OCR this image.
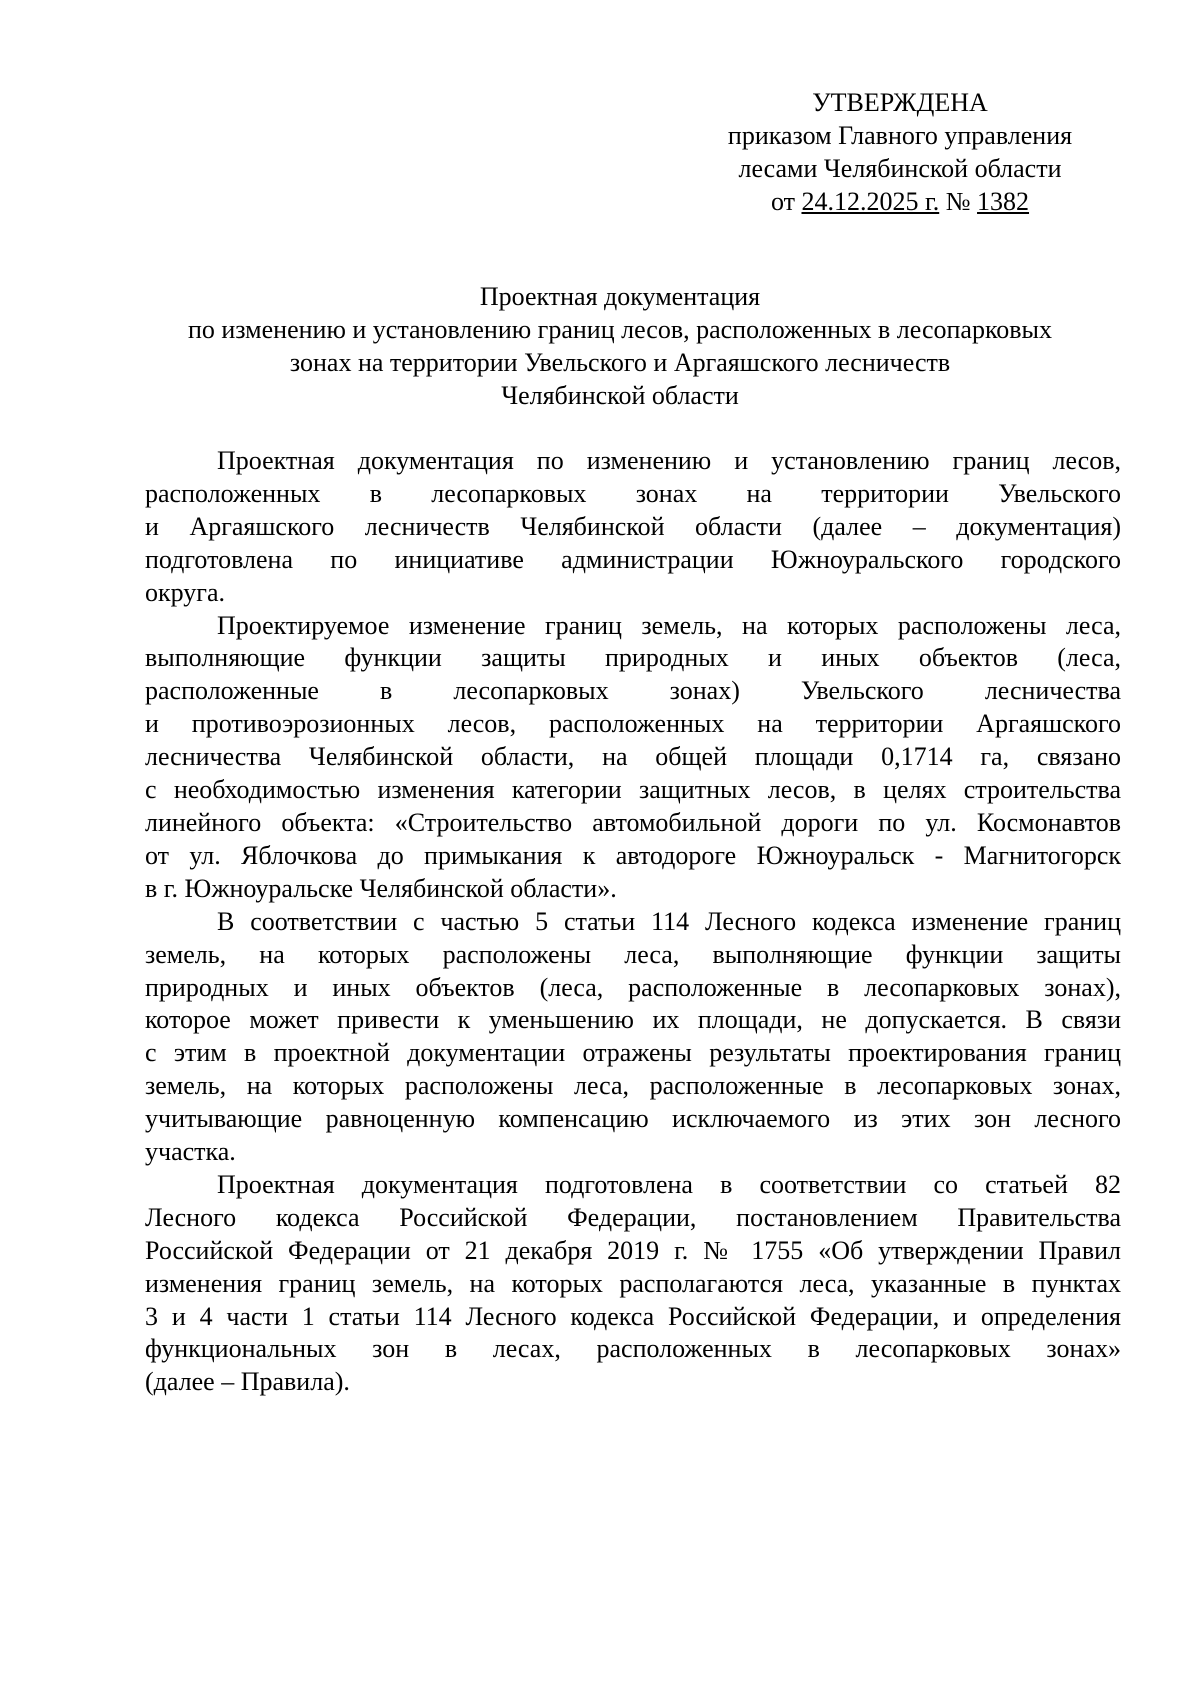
УТВЕРЖДЕНА
приказом Главного управления
лесами Челябинской области
от 24.12.2025 г. № 1382
Проектная документация
по изменению и установлению границ лесов, расположенных в лесопарковых
зонах на территории Увельского и Аргаяшского лесничеств
Челябинской области
Проектная документация по изменению и установлению границ лесов,
расположенных в лесопарковых зонах на территории Увельского
и Аргаяшского лесничеств Челябинской области (далее – документация)
подготовлена по инициативе администрации Южноуральского городского
округа.
Проектируемое изменение границ земель, на которых расположены леса,
выполняющие функции защиты природных и иных объектов (леса,
расположенные в лесопарковых зонах) Увельского лесничества
и противоэрозионных лесов, расположенных на территории Аргаяшского
лесничества Челябинской области, на общей площади 0,1714 га, связано
с необходимостью изменения категории защитных лесов, в целях строительства
линейного объекта: «Строительство автомобильной дороги по ул. Космонавтов
от ул. Яблочкова до примыкания к автодороге Южноуральск - Магнитогорск
в г. Южноуральске Челябинской области».
В соответствии с частью 5 статьи 114 Лесного кодекса изменение границ
земель, на которых расположены леса, выполняющие функции защиты
природных и иных объектов (леса, расположенные в лесопарковых зонах),
которое может привести к уменьшению их площади, не допускается. В связи
с этим в проектной документации отражены результаты проектирования границ
земель, на которых расположены леса, расположенные в лесопарковых зонах,
учитывающие равноценную компенсацию исключаемого из этих зон лесного
участка.
Проектная документация подготовлена в соответствии со статьей 82
Лесного кодекса Российской Федерации, постановлением Правительства
Российской Федерации от 21 декабря 2019 г. № 1755 «Об утверждении Правил
изменения границ земель, на которых располагаются леса, указанные в пунктах
3 и 4 части 1 статьи 114 Лесного кодекса Российской Федерации, и определения
функциональных зон в лесах, расположенных в лесопарковых зонах»
(далее – Правила).
